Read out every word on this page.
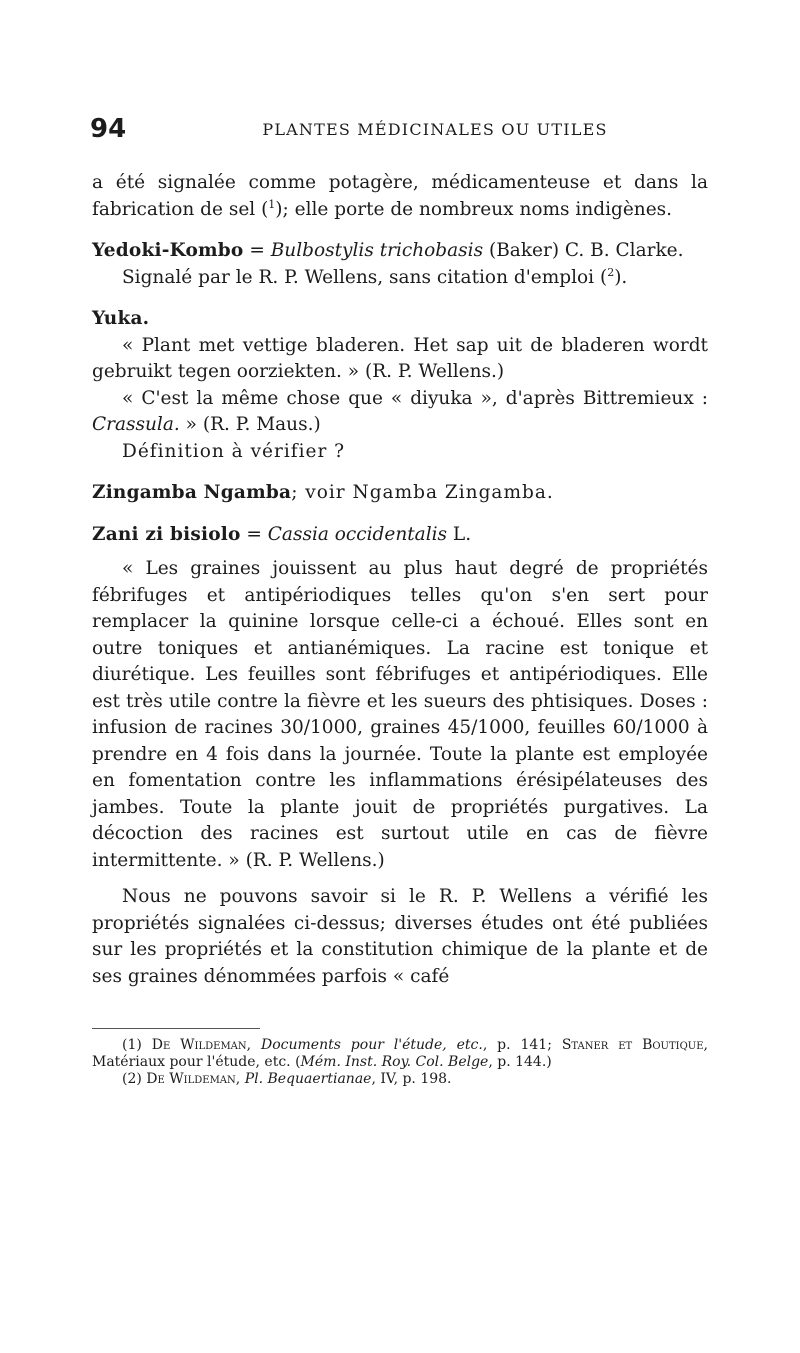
94	PLANTES MÉDICINALES OU UTILES

a été signalée comme potagère, médicamenteuse et dans la fabrication de sel ($^1$); elle porte de nombreux noms indigènes.

Yedoki-Kombo = Bulbostylis trichobasis (Baker) C. B. Clarke.

Signalé par le R. P. Wellens, sans citation d'emploi ($^2$).

Yuka.

« Plant met vettige bladeren. Het sap uit de bladeren wordt gebruikt tegen oorziekten. » (R. P. Wellens.)

« C'est la même chose que « diyuka », d'après Bittremieux : Crassula. » (R. P. Maus.)

Définition à vérifier ?

Zingamba Ngamba; voir Ngamba Zingamba.

Zani zi bisiolo = Cassia occidentalis L.

« Les graines jouissent au plus haut degré de propriétés fébrifuges et antipériodiques telles qu'on s'en sert pour remplacer la quinine lorsque celle-ci a échoué. Elles sont en outre toniques et antianémiques. La racine est tonique et diurétique. Les feuilles sont fébrifuges et antipériodiques. Elle est très utile contre la fièvre et les sueurs des phtisiques. Doses : infusion de racines 30/1000, graines 45/1000, feuilles 60/1000 à prendre en 4 fois dans la journée. Toute la plante est employée en fomentation contre les inflammations érésipélateuses des jambes. Toute la plante jouit de propriétés purgatives. La décoction des racines est surtout utile en cas de fièvre intermittente. » (R. P. Wellens.)

Nous ne pouvons savoir si le R. P. Wellens a vérifié les propriétés signalées ci-dessus; diverses études ont été publiées sur les propriétés et la constitution chimique de la plante et de ses graines dénommées parfois « café

(1) De Wildeman, Documents pour l'étude, etc., p. 141; Staner et Boutique, Matériaux pour l'étude, etc. (Mém. Inst. Roy. Col. Belge, p. 144.)

(2) De Wildeman, Pl. Bequaertianae, IV, p. 198.
